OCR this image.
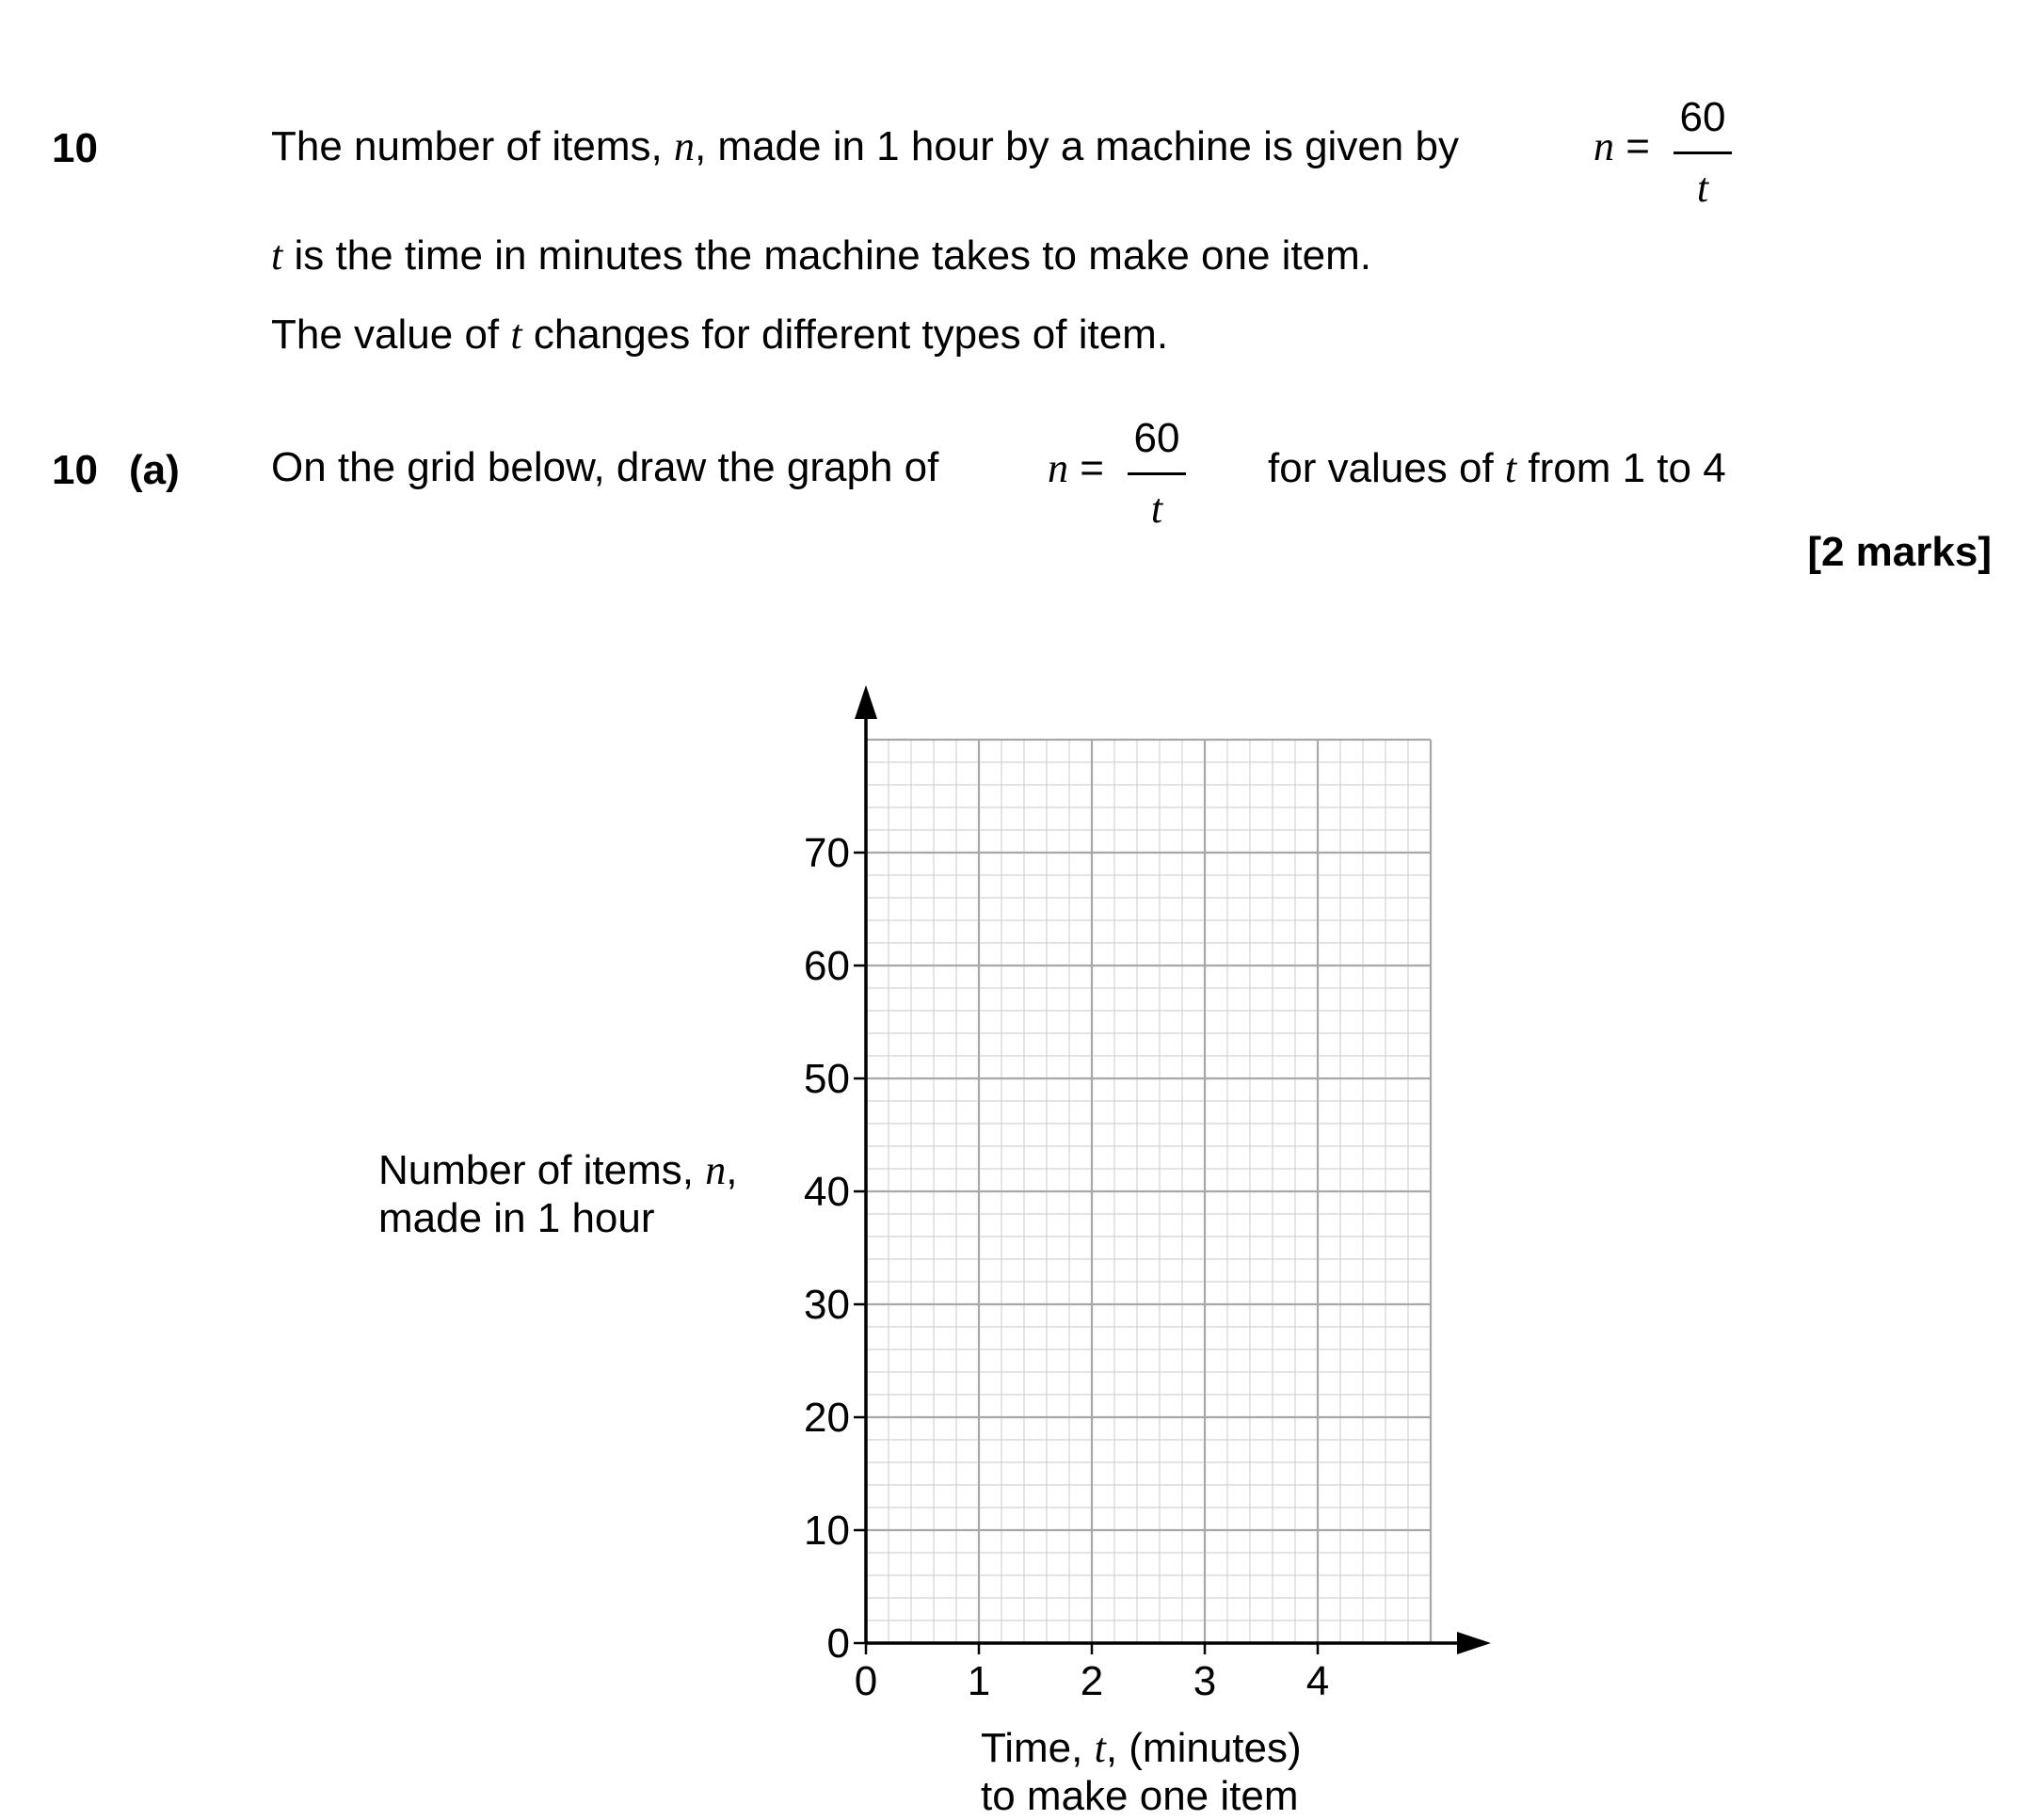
10	The number of items, n, made in 1 hour by a machine is given by	n =
60
t
t is the time in minutes the machine takes to make one item.
The value of t changes for different types of item.
10 (a) On the grid below, draw the graph of	n =
60
t
for values of t from 1 to 4
[2 marks]
Number of items, n,
made in 1 hour
Time, t, (minutes)
to make one item
0
10
20
30
40
50
60
70
0 1 2 3 4
